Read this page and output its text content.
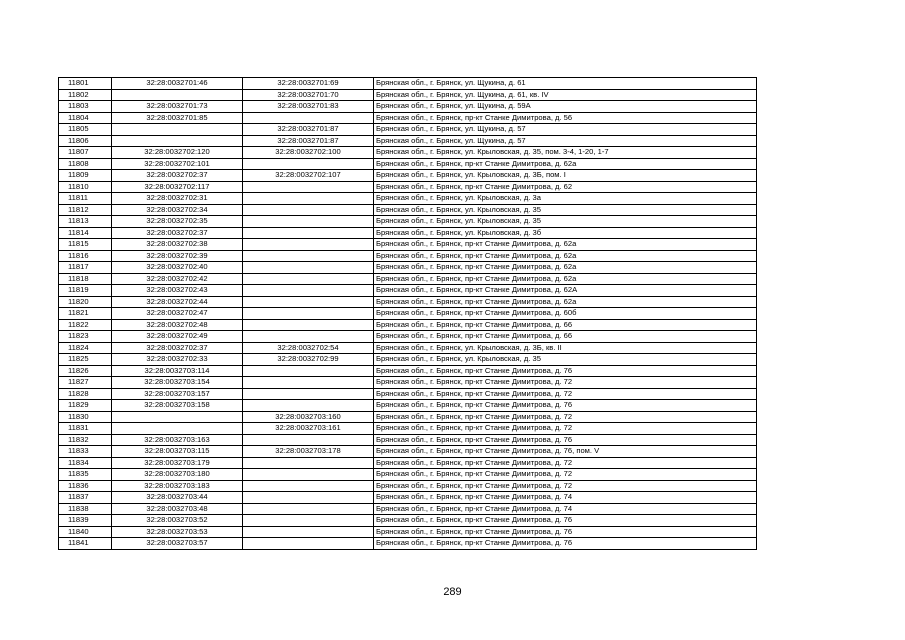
11801	32:28:0032701:46	32:28:0032701:69	Брянская обл., г. Брянск, ул. Щукина, д. 61
11802		32:28:0032701:70	Брянская обл., г. Брянск, ул. Щукина, д. 61, кв. IV
11803	32:28:0032701:73	32:28:0032701:83	Брянская обл., г. Брянск, ул. Щукина, д. 59А
11804	32:28:0032701:85		Брянская обл., г. Брянск, пр-кт Станке Димитрова, д. 56
11805		32:28:0032701:87	Брянская обл., г. Брянск, ул. Щукина, д. 57
11806		32:28:0032701:87	Брянская обл., г. Брянск, ул. Щукина, д. 57
11807	32:28:0032702:120	32:28:0032702:100	Брянская обл., г. Брянск, ул. Крыловская, д. 35, пом. 3-4, 1-20, 1-7
11808	32:28:0032702:101		Брянская обл., г. Брянск, пр-кт Станке Димитрова, д. 62а
11809	32:28:0032702:37	32:28:0032702:107	Брянская обл., г. Брянск, ул. Крыловская, д. 3Б, пом. I
11810	32:28:0032702:117		Брянская обл., г. Брянск, пр-кт Станке Димитрова, д. 62
11811	32:28:0032702:31		Брянская обл., г. Брянск, ул. Крыловская, д. 3а
11812	32:28:0032702:34		Брянская обл., г. Брянск, ул. Крыловская, д. 35
11813	32:28:0032702:35		Брянская обл., г. Брянск, ул. Крыловская, д. 35
11814	32:28:0032702:37		Брянская обл., г. Брянск, ул. Крыловская, д. 3б
11815	32:28:0032702:38		Брянская обл., г. Брянск, пр-кт Станке Димитрова, д. 62а
11816	32:28:0032702:39		Брянская обл., г. Брянск, пр-кт Станке Димитрова, д. 62а
11817	32:28:0032702:40		Брянская обл., г. Брянск, пр-кт Станке Димитрова, д. 62а
11818	32:28:0032702:42		Брянская обл., г. Брянск, пр-кт Станке Димитрова, д. 62а
11819	32:28:0032702:43		Брянская обл., г. Брянск, пр-кт Станке Димитрова, д. 62А
11820	32:28:0032702:44		Брянская обл., г. Брянск, пр-кт Станке Димитрова, д. 62а
11821	32:28:0032702:47		Брянская обл., г. Брянск, пр-кт Станке Димитрова, д. 60б
11822	32:28:0032702:48		Брянская обл., г. Брянск, пр-кт Станке Димитрова, д. 66
11823	32:28:0032702:49		Брянская обл., г. Брянск, пр-кт Станке Димитрова, д. 66
11824	32:28:0032702:37	32:28:0032702:54	Брянская обл., г. Брянск, ул. Крыловская, д. 3Б, кв. II
11825	32:28:0032702:33	32:28:0032702:99	Брянская обл., г. Брянск, ул. Крыловская, д. 35
11826	32:28:0032703:114		Брянская обл., г. Брянск, пр-кт Станке Димитрова, д. 76
11827	32:28:0032703:154		Брянская обл., г. Брянск, пр-кт Станке Димитрова, д. 72
11828	32:28:0032703:157		Брянская обл., г. Брянск, пр-кт Станке Димитрова, д. 72
11829	32:28:0032703:158		Брянская обл., г. Брянск, пр-кт Станке Димитрова, д. 76
11830		32:28:0032703:160	Брянская обл., г. Брянск, пр-кт Станке Димитрова, д. 72
11831		32:28:0032703:161	Брянская обл., г. Брянск, пр-кт Станке Димитрова, д. 72
11832	32:28:0032703:163		Брянская обл., г. Брянск, пр-кт Станке Димитрова, д. 76
11833	32:28:0032703:115	32:28:0032703:178	Брянская обл., г. Брянск, пр-кт Станке Димитрова, д. 76, пом. V
11834	32:28:0032703:179		Брянская обл., г. Брянск, пр-кт Станке Димитрова, д. 72
11835	32:28:0032703:180		Брянская обл., г. Брянск, пр-кт Станке Димитрова, д. 72
11836	32:28:0032703:183		Брянская обл., г. Брянск, пр-кт Станке Димитрова, д. 72
11837	32:28:0032703:44		Брянская обл., г. Брянск, пр-кт Станке Димитрова, д. 74
11838	32:28:0032703:48		Брянская обл., г. Брянск, пр-кт Станке Димитрова, д. 74
11839	32:28:0032703:52		Брянская обл., г. Брянск, пр-кт Станке Димитрова, д. 76
11840	32:28:0032703:53		Брянская обл., г. Брянск, пр-кт Станке Димитрова, д. 76
11841	32:28:0032703:57		Брянская обл., г. Брянск, пр-кт Станке Димитрова, д. 76
289
